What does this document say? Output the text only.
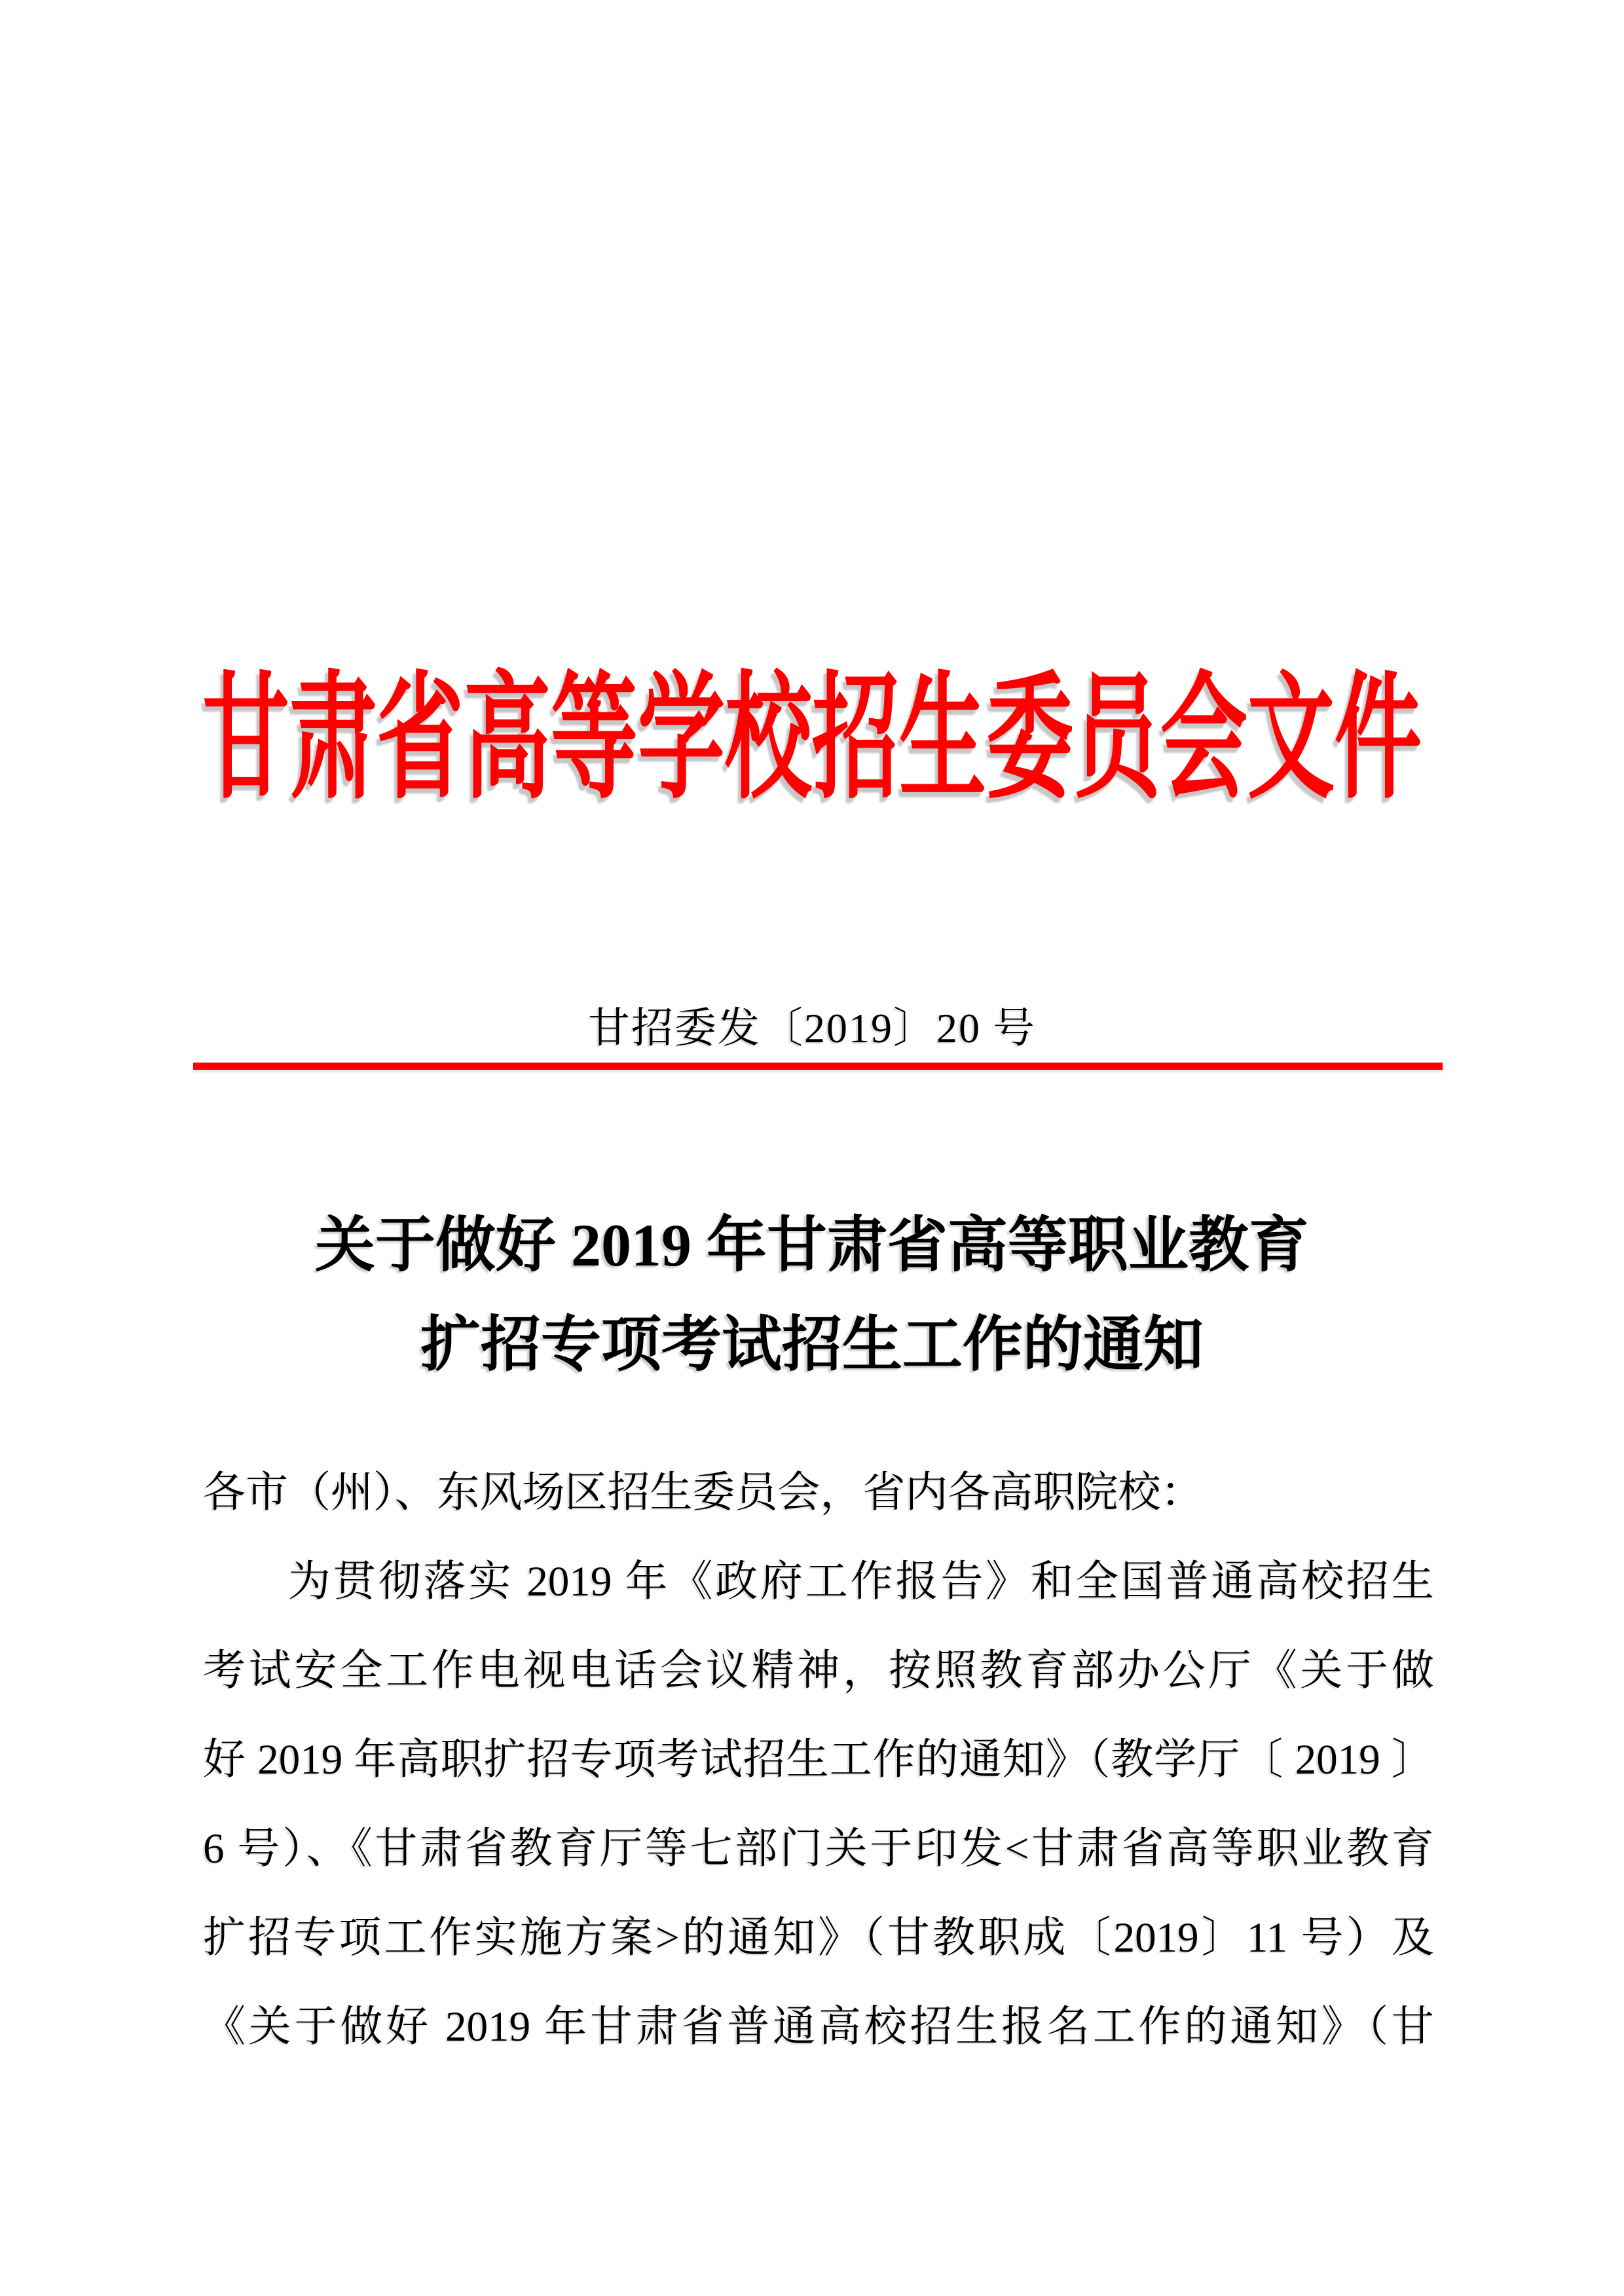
甘肃省高等学校招生委员会文件
甘招委发〔2019〕20 号
关于做好 2019 年甘肃省高等职业教育
扩招专项考试招生工作的通知
各市（州）、东风场区招生委员会，省内各高职院校：
为贯彻落实 2019 年《政府工作报告》和全国普通高校招生
考试安全工作电视电话会议精神，按照教育部办公厅《关于做
好 2019 年高职扩招专项考试招生工作的通知》（教学厅〔 2019 〕
6 号）、《甘肃省教育厅等七部门关于印发<甘肃省高等职业教育
扩招专项工作实施方案>的通知》（甘教职成〔2019〕11 号）及
《关于做好 2019 年甘肃省普通高校招生报名工作的通知》（甘
